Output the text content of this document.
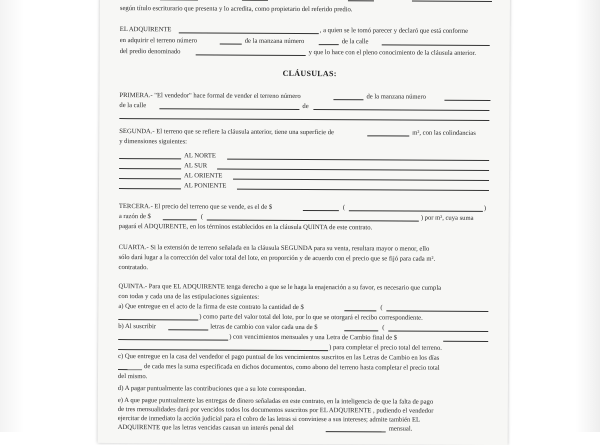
según título escriturario que presenta y lo acredita, como propietario del referido predio.
EL ADQUIRENTE	, a quien se le tomó parecer y declaró que está conforme
en adquirir el terreno número	de la manzana número	de la calle
del predio denominado	y que lo hace con el pleno conocimiento de la cláusula anterior.
CLÁUSULAS:
PRIMERA.- "El vendedor" hace formal de vender el terreno número	de la manzana número
de la calle	de
SEGUNDA.- El terreno que se refiere la cláusula anterior, tiene una superficie de	m², con las colindancias
y dimensiones siguientes:
AL NORTE
AL SUR
AL ORIENTE
AL PONIENTE
TERCERA.- El precio del terreno que se vende, es el de $	(	)
a razón de $	(	) por m², cuya suma
pagará el ADQUIRENTE, en los términos establecidos en la cláusula QUINTA de este contrato.
CUARTA.- Si la extensión de terreno señalada en la cláusula SEGUNDA para su venta, resultara mayor o menor, ello
sólo dará lugar a la corrección del valor total del lote, en proporción y de acuerdo con el precio que se fijó para cada m².
contratado.
QUINTA.- Para que EL ADQUIRENTE tenga derecho a que se le haga la enajenación a su favor, es necesario que cumpla
con todas y cada una de las estipulaciones siguientes:
a) Que entregue en el acto de la firma de este contrato la cantidad de $	(
) como parte del valor total del lote, por lo que se otorgará el recibo correspondiente.
b) Al suscribir	letras de cambio con valor cada una de $	(
) con vencimientos mensuales y una Letra de Cambio final de $
) para completar el precio total del terreno.
c) Que entregue en la casa del vendedor el pago puntual de los vencimientos suscritos en las Letras de Cambio en los días
de cada mes la suma especificada en dichos documentos, como abono del terreno hasta completar el precio total
del mismo.
d) A pagar puntualmente las contribuciones que a su lote correspondan.
e) A que pague puntualmente las entregas de dinero señaladas en este contrato, en la inteligencia de que la falta de pago
de tres mensualidades dará por vencidos todos los documentos suscritos por EL ADQUIRENTE , pudiendo el vendedor
ejercitar de inmediato la acción judicial para el cobro de las letras si conviniese a sus intereses; admite también EL
ADQUIRENTE que las letras vencidas causan un interés penal del	mensual.
